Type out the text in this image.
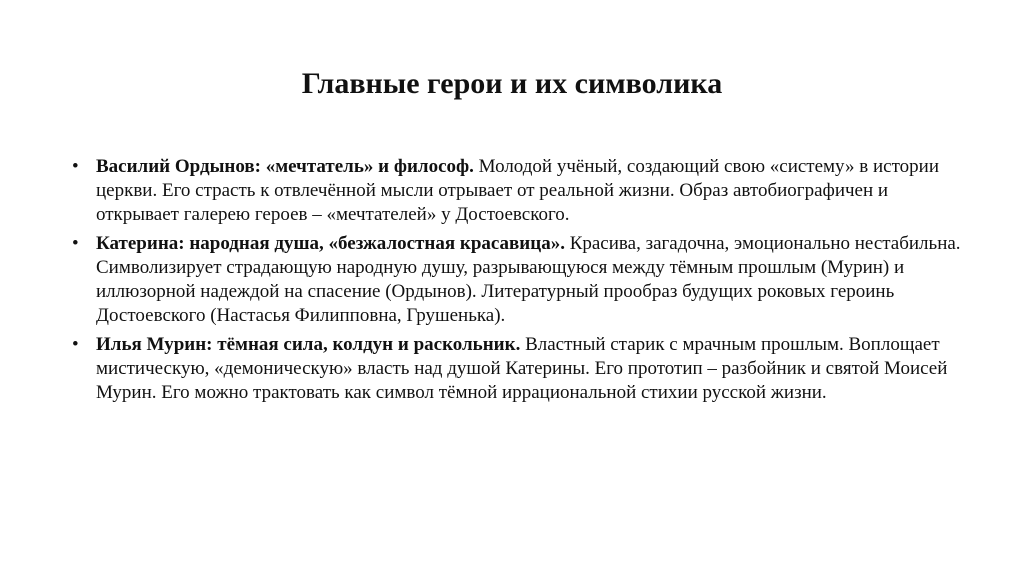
Главные герои и их символика
• Василий Ордынов: «мечтатель» и философ. Молодой учёный, создающий свою «систему» в истории церкви. Его страсть к отвлечённой мысли отрывает от реальной жизни. Образ автобиографичен и открывает галерею героев – «мечтателей» у Достоевского.
• Катерина: народная душа, «безжалостная красавица». Красива, загадочна, эмоционально нестабильна. Символизирует страдающую народную душу, разрывающуюся между тёмным прошлым (Мурин) и иллюзорной надеждой на спасение (Ордынов). Литературный прообраз будущих роковых героинь Достоевского (Настасья Филипповна, Грушенька).
• Илья Мурин: тёмная сила, колдун и раскольник. Властный старик с мрачным прошлым. Воплощает мистическую, «демоническую» власть над душой Катерины. Его прототип – разбойник и святой Моисей Мурин. Его можно трактовать как символ тёмной иррациональной стихии русской жизни.
